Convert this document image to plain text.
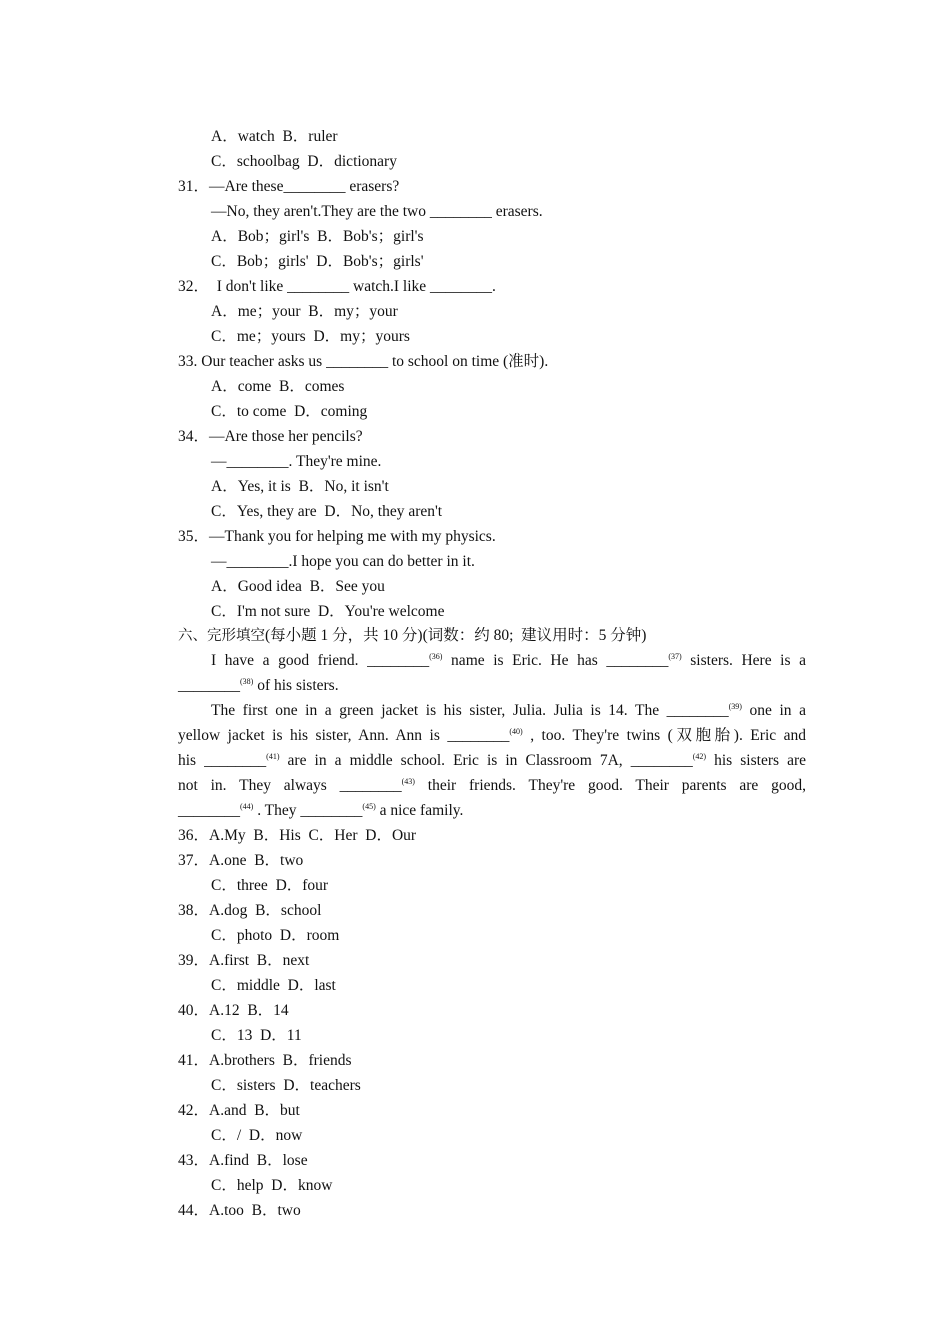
A．watch  B．ruler
C．schoolbag  D．dictionary
31．—Are these________ erasers?
—No, they aren't.They are the two ________ erasers.
A．Bob；girl's  B．Bob's；girl's
C．Bob；girls'  D．Bob's；girls'
32．  I don't like ________ watch.I like ________.
A．me；your  B．my；your
C．me；yours  D．my；yours
33. Our teacher asks us ________ to school on time (准时).
A．come  B．comes
C．to come  D．coming
34．—Are those her pencils?
—________. They're mine.
A．Yes, it is  B．No, it isn't
C．Yes, they are  D．No, they aren't
35．—Thank you for helping me with my physics.
—________.I hope you can do better in it.
A．Good idea  B．See you
C．I'm not sure  D．You're welcome
六、完形填空(每小题 1 分，共 10 分)(词数：约 80;  建议用时：5 分钟)
I have a good friend. ________$^{(36)}$ name is Eric. He has ________$^{(37)}$ sisters. Here is a
________$^{(38)}$ of his sisters.
The first one in a green jacket is his sister, Julia. Julia is 14. The ________$^{(39)}$ one in a
yellow jacket is his sister, Ann. Ann is ________$^{(40)}$ , too. They're twins (双胞胎). Eric and
his ________$^{(41)}$ are in a middle school. Eric is in Classroom 7A, ________$^{(42)}$ his sisters are
not in. They always ________$^{(43)}$ their friends. They're good. Their parents are good,
________$^{(44)}$ . They ________$^{(45)}$ a nice family.
36．A.My  B．His  C．Her  D．Our
37．A.one  B．two
C．three  D．four
38．A.dog  B．school
C．photo  D．room
39．A.first  B．next
C．middle  D．last
40．A.12  B．14
C．13  D．11
41．A.brothers  B．friends
C．sisters  D．teachers
42．A.and  B．but
C．/  D．now
43．A.find  B．lose
C．help  D．know
44．A.too  B．two
